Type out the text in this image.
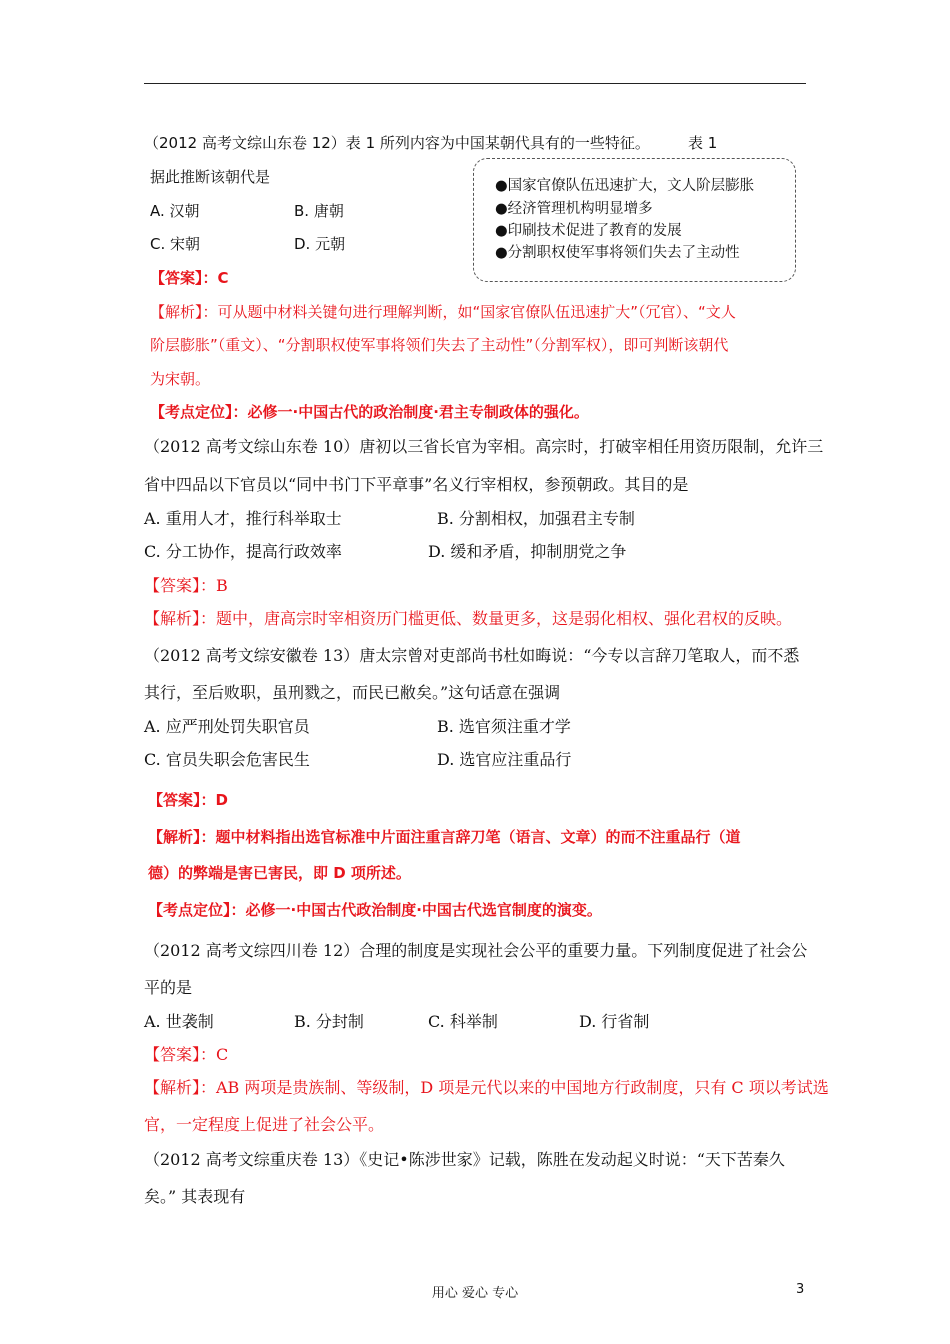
（2012 高考文综山东卷 12）表 1 所列内容为中国某朝代具有的一些特征。	表 1
据此推断该朝代是
A. 汉朝	B. 唐朝
C. 宋朝	D. 元朝
●国家官僚队伍迅速扩大，文人阶层膨胀
●经济管理机构明显增多
●印刷技术促进了教育的发展
●分割职权使军事将领们失去了主动性
【答案】：C
【解析】：可从题中材料关键句进行理解判断，如“国家官僚队伍迅速扩大”（冗官）、“文人
阶层膨胀”（重文）、“分割职权使军事将领们失去了主动性”（分割军权），即可判断该朝代
为宋朝。
【考点定位】：必修一·中国古代的政治制度·君主专制政体的强化。
（2012 高考文综山东卷 10）唐初以三省长官为宰相。高宗时，打破宰相任用资历限制，允许三
省中四品以下官员以“同中书门下平章事”名义行宰相权，参预朝政。其目的是
A. 重用人才，推行科举取士	B. 分割相权，加强君主专制
C. 分工协作，提高行政效率	D. 缓和矛盾，抑制朋党之争
【答案】：B
【解析】：题中，唐高宗时宰相资历门槛更低、数量更多，这是弱化相权、强化君权的反映。
（2012 高考文综安徽卷 13）唐太宗曾对吏部尚书杜如晦说：“今专以言辞刀笔取人，而不悉
其行，至后败职，虽刑戮之，而民已敝矣。”这句话意在强调
A. 应严刑处罚失职官员	B. 选官须注重才学
C. 官员失职会危害民生	D. 选官应注重品行
【答案】：D
【解析】：题中材料指出选官标准中片面注重言辞刀笔（语言、文章）的而不注重品行（道
德）的弊端是害已害民，即 D 项所述。
【考点定位】：必修一·中国古代政治制度·中国古代选官制度的演变。
（2012 高考文综四川卷 12）合理的制度是实现社会公平的重要力量。下列制度促进了社会公
平的是
A. 世袭制	B. 分封制	C. 科举制	D. 行省制
【答案】：C
【解析】：AB 两项是贵族制、等级制，D 项是元代以来的中国地方行政制度，只有 C 项以考试选
官，一定程度上促进了社会公平。
（2012 高考文综重庆卷 13）《史记•陈涉世家》记载，陈胜在发动起义时说：“天下苦秦久
矣。” 其表现有
用心 爱心 专心	3
